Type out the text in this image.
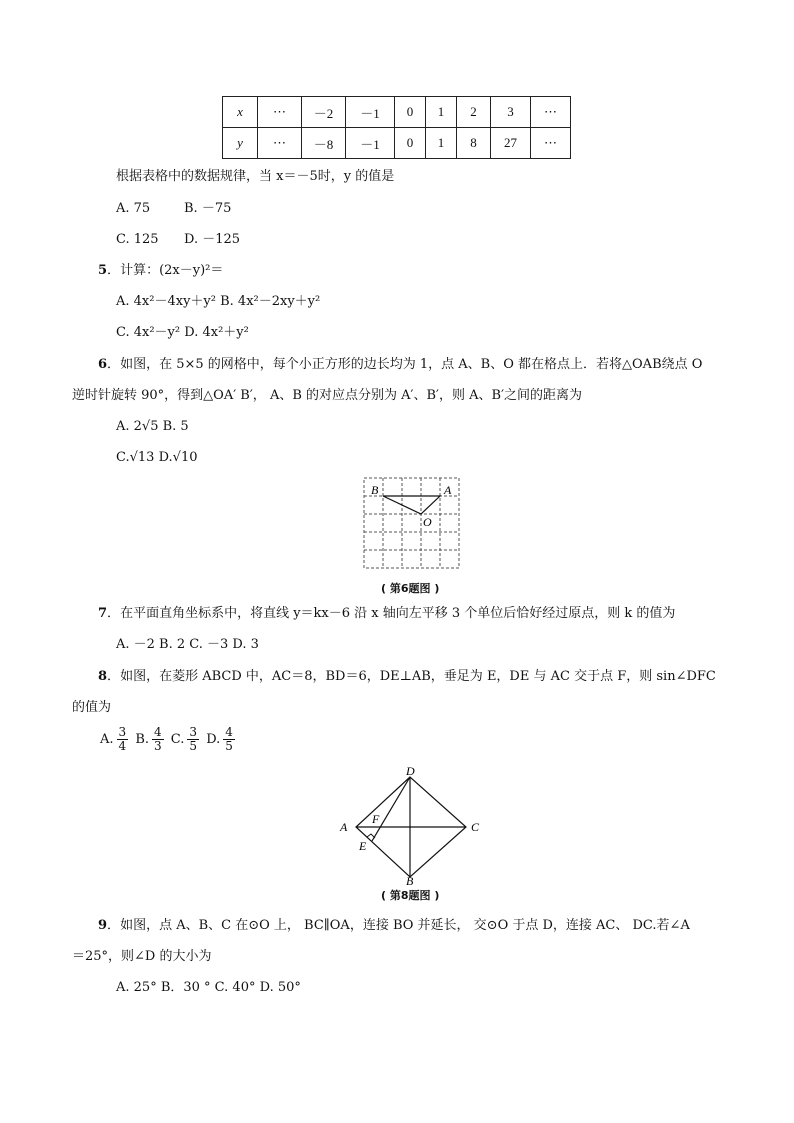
x	⋯	－2	－1	0	1	2	3	⋯
y	⋯	－8	－1	0	1	8	27	⋯
根据表格中的数据规律，当 x＝－5时，y 的值是
A. 75	B. －75
C. 125 D. －125
5．计算：(2x－y)²＝
A. 4x²－4xy＋y² B. 4x²－2xy＋y²
C. 4x²－y² D. 4x²＋y²
6．如图，在 5×5 的网格中，每个小正方形的边长均为 1，点 A、B、O 都在格点上．若将△OAB绕点 O
逆时针旋转 90°，得到△OA′ B′， A、B 的对应点分别为 A′、B′，则 A、B′之间的距离为
A. 2√5 B. 5
C.√13 D.√10
B	A
O
( 第6题图 )
7．在平面直角坐标系中，将直线 y＝kx－6 沿 x 轴向左平移 3 个单位后恰好经过原点，则 k 的值为
A. －2 B. 2 C. －3 D. 3
8．如图，在菱形 ABCD 中，AC＝8，BD＝6，DE⊥AB，垂足为 E，DE 与 AC 交于点 F，则 sin∠DFC
的值为
A. $\frac{3}{4} B$. $\frac{4}{3} C$. $\frac{3}{5} D$. $\frac{4}{5}$
D
A	C
B
E
F
( 第8题图 )
9．如图，点 A、B、C 在⊙O 上， BC∥OA，连接 BO 并延长， 交⊙O 于点 D，连接 AC、 DC.若∠A
＝25°，则∠D 的大小为
A. 25° B．30 ° C. 40° D. 50°
